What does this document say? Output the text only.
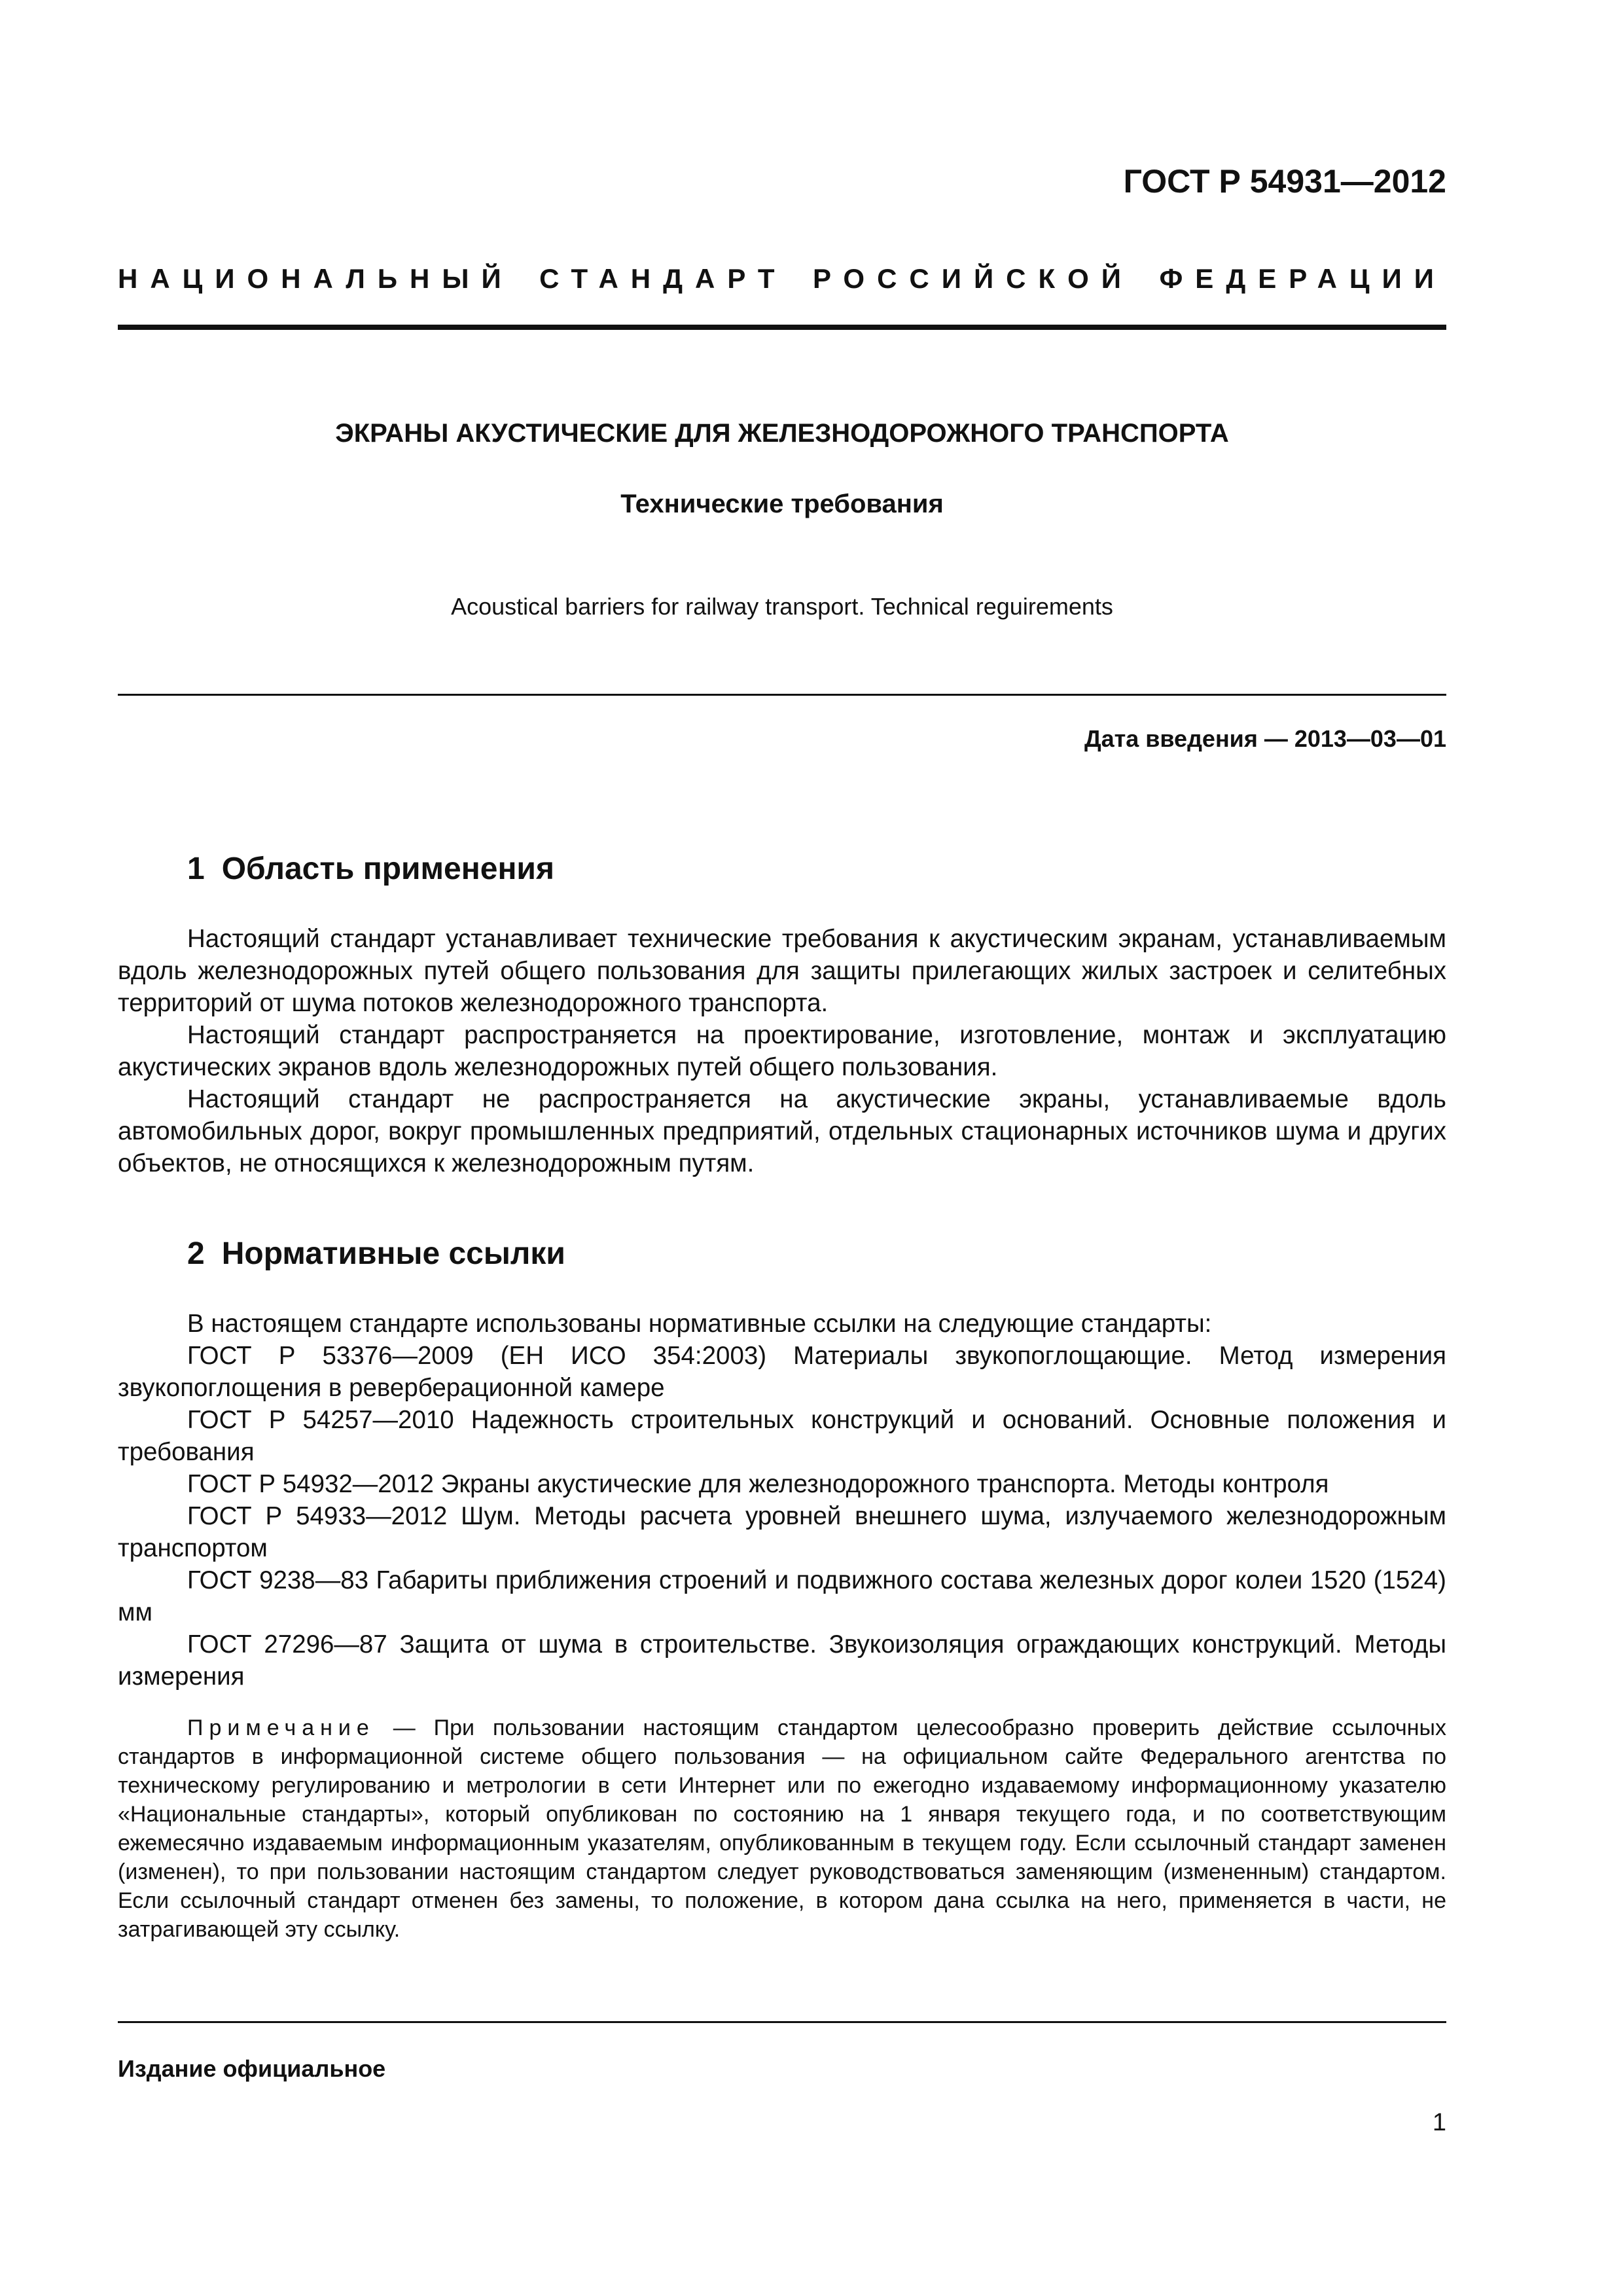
ГОСТ Р 54931—2012
НАЦИОНАЛЬНЫЙ СТАНДАРТ РОССИЙСКОЙ ФЕДЕРАЦИИ
ЭКРАНЫ АКУСТИЧЕСКИЕ ДЛЯ ЖЕЛЕЗНОДОРОЖНОГО ТРАНСПОРТА
Технические требования
Acoustical barriers for railway transport. Technical reguirements
Дата введения — 2013—03—01
1 Область применения

Настоящий стандарт устанавливает технические требования к акустическим экранам, устанавливаемым вдоль железнодорожных путей общего пользования для защиты прилегающих жилых застроек и селитебных территорий от шума потоков железнодорожного транспорта.

Настоящий стандарт распространяется на проектирование, изготовление, монтаж и эксплуатацию акустических экранов вдоль железнодорожных путей общего пользования.

Настоящий стандарт не распространяется на акустические экраны, устанавливаемые вдоль автомобильных дорог, вокруг промышленных предприятий, отдельных стационарных источников шума и других объектов, не относящихся к железнодорожным путям.

2 Нормативные ссылки

В настоящем стандарте использованы нормативные ссылки на следующие стандарты:

ГОСТ Р 53376—2009 (ЕН ИСО 354:2003) Материалы звукопоглощающие. Метод измерения звукопоглощения в реверберационной камере

ГОСТ Р 54257—2010 Надежность строительных конструкций и оснований. Основные положения и требования

ГОСТ Р 54932—2012 Экраны акустические для железнодорожного транспорта. Методы контроля

ГОСТ Р 54933—2012 Шум. Методы расчета уровней внешнего шума, излучаемого железнодорожным транспортом

ГОСТ 9238—83 Габариты приближения строений и подвижного состава железных дорог колеи 1520 (1524) мм

ГОСТ 27296—87 Защита от шума в строительстве. Звукоизоляция ограждающих конструкций. Методы измерения

Примечание — При пользовании настоящим стандартом целесообразно проверить действие ссылочных стандартов в информационной системе общего пользования — на официальном сайте Федерального агентства по техническому регулированию и метрологии в сети Интернет или по ежегодно издаваемому информационному указателю «Национальные стандарты», который опубликован по состоянию на 1 января текущего года, и по соответствующим ежемесячно издаваемым информационным указателям, опубликованным в текущем году. Если ссылочный стандарт заменен (изменен), то при пользовании настоящим стандартом следует руководствоваться заменяющим (измененным) стандартом. Если ссылочный стандарт отменен без замены, то положение, в котором дана ссылка на него, применяется в части, не затрагивающей эту ссылку.
Издание официальное
1
